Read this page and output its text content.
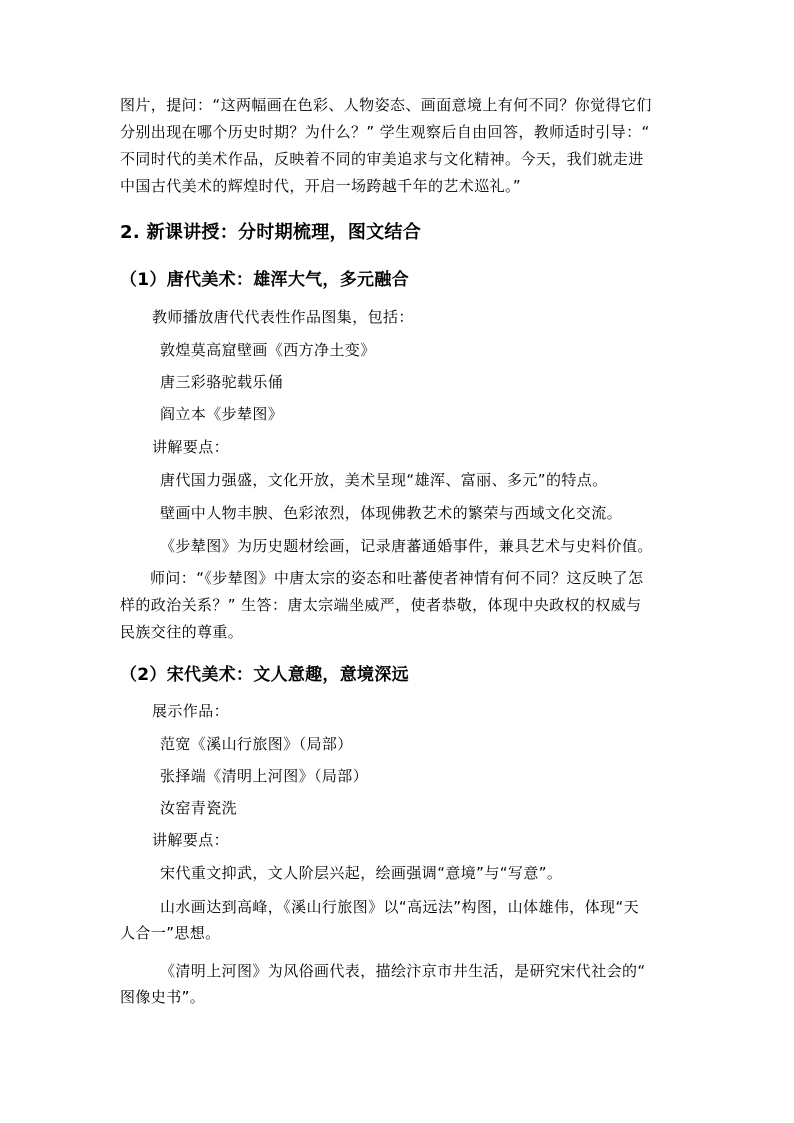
图片，提问：“这两幅画在色彩、人物姿态、画面意境上有何不同？你觉得它们
分别出现在哪个历史时期？为什么？” 学生观察后自由回答，教师适时引导：“
不同时代的美术作品，反映着不同的审美追求与文化精神。今天，我们就走进
中国古代美术的辉煌时代，开启一场跨越千年的艺术巡礼。”
2. 新课讲授：分时期梳理，图文结合
（1）唐代美术：雄浑大气，多元融合
教师播放唐代代表性作品图集，包括：
敦煌莫高窟壁画《西方净土变》
唐三彩骆驼载乐俑
阎立本《步辇图》
讲解要点：
唐代国力强盛，文化开放，美术呈现“雄浑、富丽、多元”的特点。
壁画中人物丰腴、色彩浓烈，体现佛教艺术的繁荣与西域文化交流。
《步辇图》为历史题材绘画，记录唐蕃通婚事件，兼具艺术与史料价值。
师问：“《步辇图》中唐太宗的姿态和吐蕃使者神情有何不同？这反映了怎
样的政治关系？” 生答：唐太宗端坐威严，使者恭敬，体现中央政权的权威与
民族交往的尊重。
（2）宋代美术：文人意趣，意境深远
展示作品：
范宽《溪山行旅图》（局部）
张择端《清明上河图》（局部）
汝窑青瓷洗
讲解要点：
宋代重文抑武，文人阶层兴起，绘画强调“意境”与“写意”。
山水画达到高峰，《溪山行旅图》以“高远法”构图，山体雄伟，体现“天
人合一”思想。
《清明上河图》为风俗画代表，描绘汴京市井生活，是研究宋代社会的“
图像史书”。
